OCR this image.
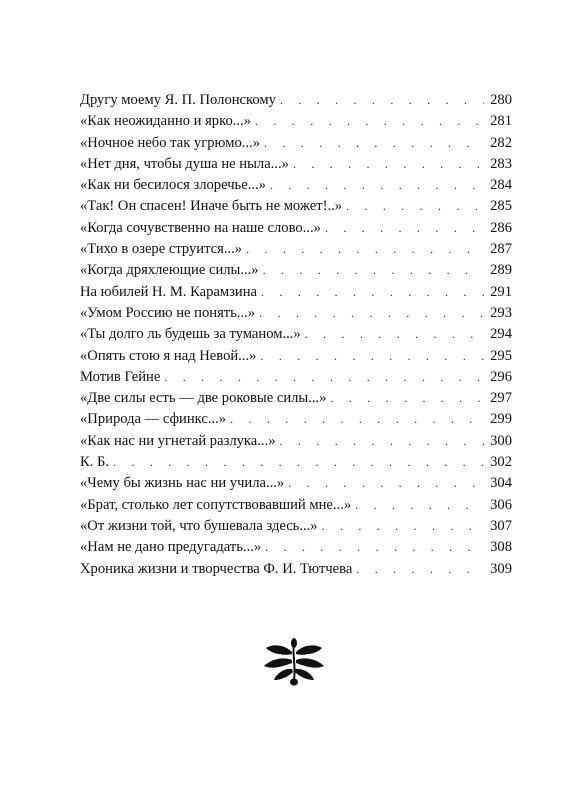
Другу моему Я. П. Полонскому . . .	280
«Как неожиданно и ярко...» . . .	281
«Ночное небо так угрюмо...» . . .	282
«Нет дня, чтобы душа не ныла...» . . .	283
«Как ни бесилося злоречье...» . . .	284
«Так! Он спасен! Иначе быть не может!..» . . .	285
«Когда сочувственно на наше слово...» . . .	286
«Тихо в озере струится...» . . .	287
«Когда дряхлеющие силы...» . . .	289
На юбилей Н. М. Карамзина . . .	291
«Умом Россию не понять...» . . .	293
«Ты долго ль будешь за туманом...» . . .	294
«Опять стою я над Невой...» . . .	295
Мотив Гейне . . .	296
«Две силы есть — две роковые силы...» . . .	297
«Природа — сфинкс...» . . .	299
«Как нас ни угнетай разлука...» . . .	300
К. Б. . . .	302
«Чему бы жизнь нас ни учила...» . . .	304
«Брат, столько лет сопутствовавший мне...» . . .	306
«От жизни той, что бушевала здесь...» . . .	307
«Нам не дано предугадать...» . . .	308
Хроника жизни и творчества Ф. И. Тютчева . . .	309
